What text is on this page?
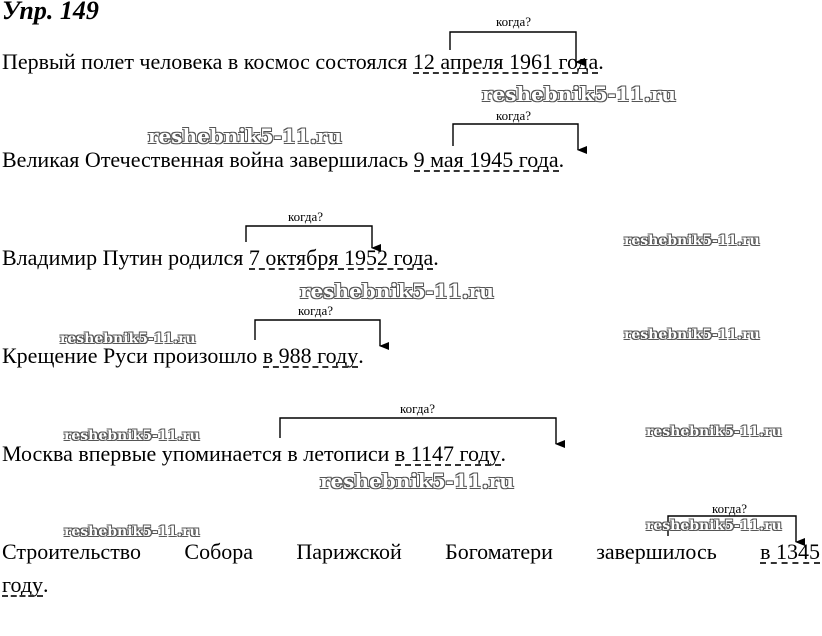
Упр. 149
Первый полет человека в космос состоялся 12 апреля 1961 года.
Великая Отечественная война завершилась 9 мая 1945 года.
Владимир Путин родился 7 октября 1952 года.
Крещение Руси произошло в 988 году.
Москва впервые упоминается в летописи в 1147 году.
Строительство Собора Парижской Богоматери завершилось в 1345
году.
когда?
когда?
когда?
когда?
когда?
когда?
reshebnik5-11.ru
reshebnik5-11.ru
reshebnik5-11.ru
reshebnik5-11.ru
reshebnik5-11.ru	reshebnik5-11.ru
reshebnik5-11.ru	reshebnik5-11.ru
reshebnik5-11.ru
reshebnik5-11.ru	reshebnik5-11.ru
